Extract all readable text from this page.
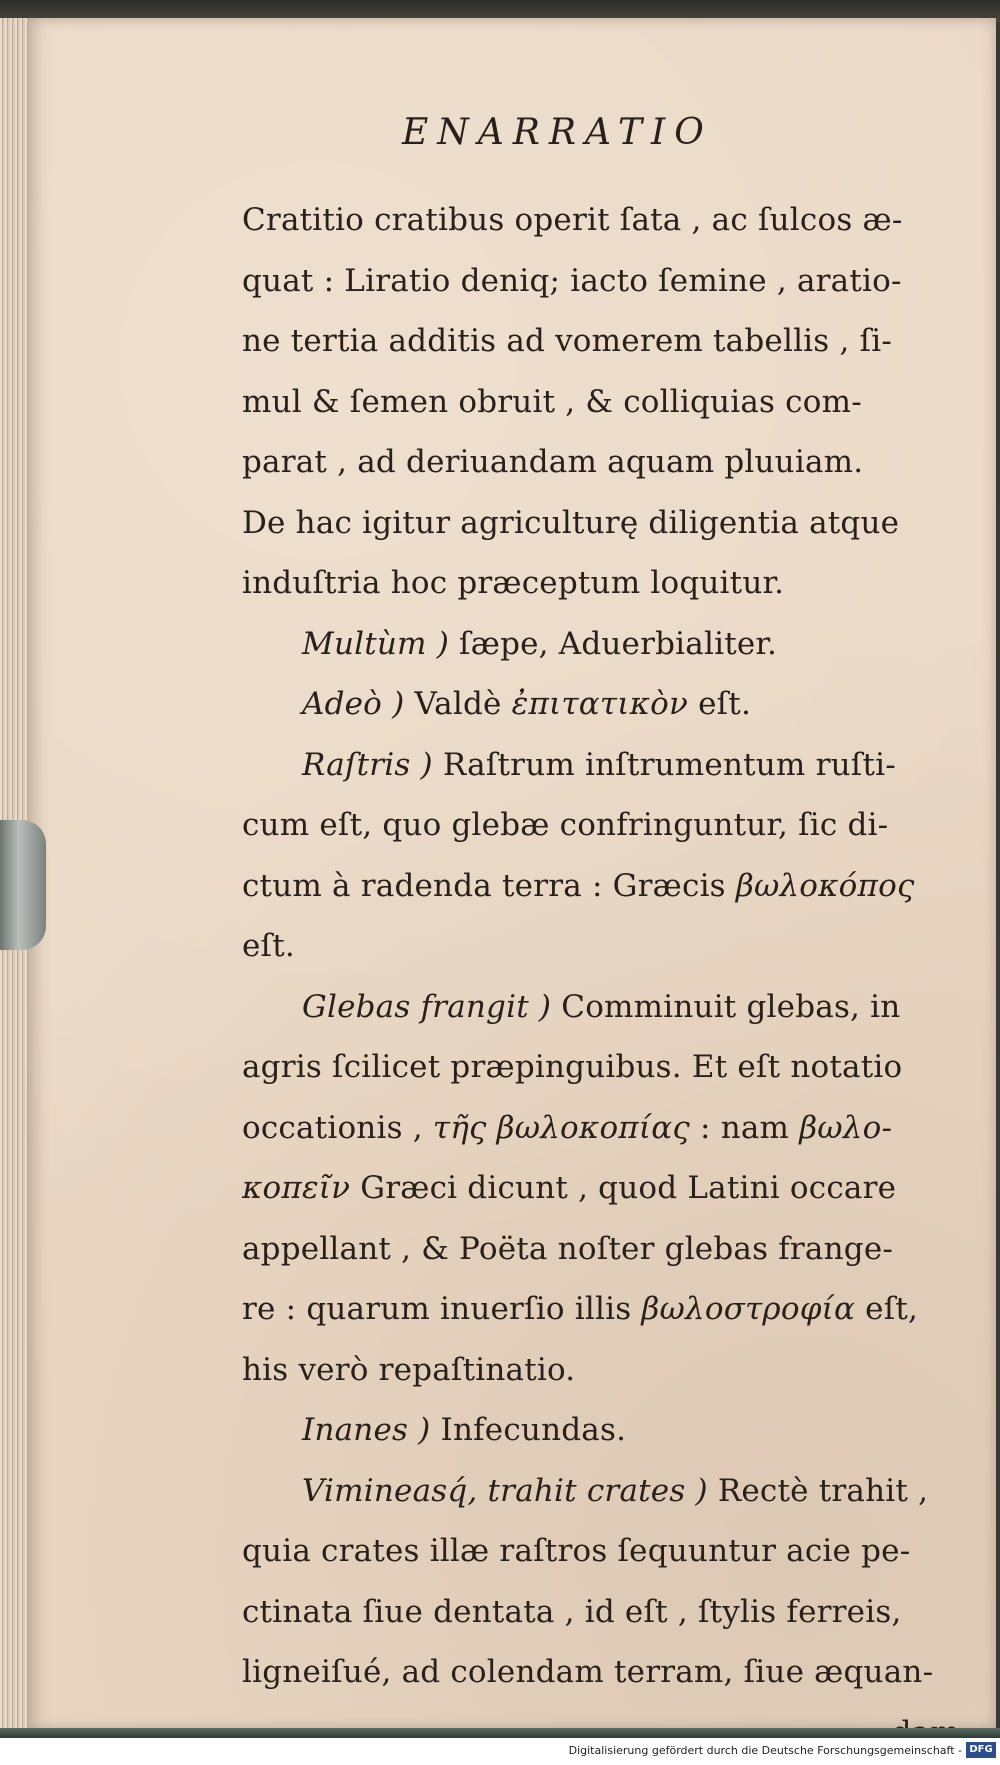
ENARRATIO
Cratitio cratibus operit ſata , ac ſulcos æ-
quat : Liratio deniq; iacto ſemine , aratio-
ne tertia additis ad vomerem tabellis , ſi-
mul & ſemen obruit , & colliquias com-
parat , ad deriuandam aquam pluuiam.
De hac igitur agriculturę diligentia atque
induſtria hoc præceptum loquitur.
Multùm ) ſæpe, Aduerbialiter.
Adeò ) Valdè ἐπιτατικὸν eſt.
Raſtris ) Raſtrum inſtrumentum ruſti-
cum eſt, quo glebæ confringuntur, ſic di-
ctum à radenda terra : Græcis βωλοκόπος
eſt.
Glebas frangit ) Comminuit glebas, in
agris ſcilicet præpinguibus. Et eſt notatio
occationis , τῆς βωλοκοπίας : nam βωλο-
κοπεῖν Græci dicunt , quod Latini occare
appellant , & Poëta noſter glebas frange-
re : quarum inuerſio illis βωλοστροφία eſt,
his verò repaſtinatio.
Inanes ) Infecundas.
Vimineasq́, trahit crates ) Rectè trahit ,
quia crates illæ raſtros ſequuntur acie pe-
ctinata ſiue dentata , id eſt , ſtylis ferreis,
ligneiſué, ad colendam terram, ſiue æquan-
Digitalisierung gefördert durch die Deutsche Forschungsgemeinschaft - DFG
